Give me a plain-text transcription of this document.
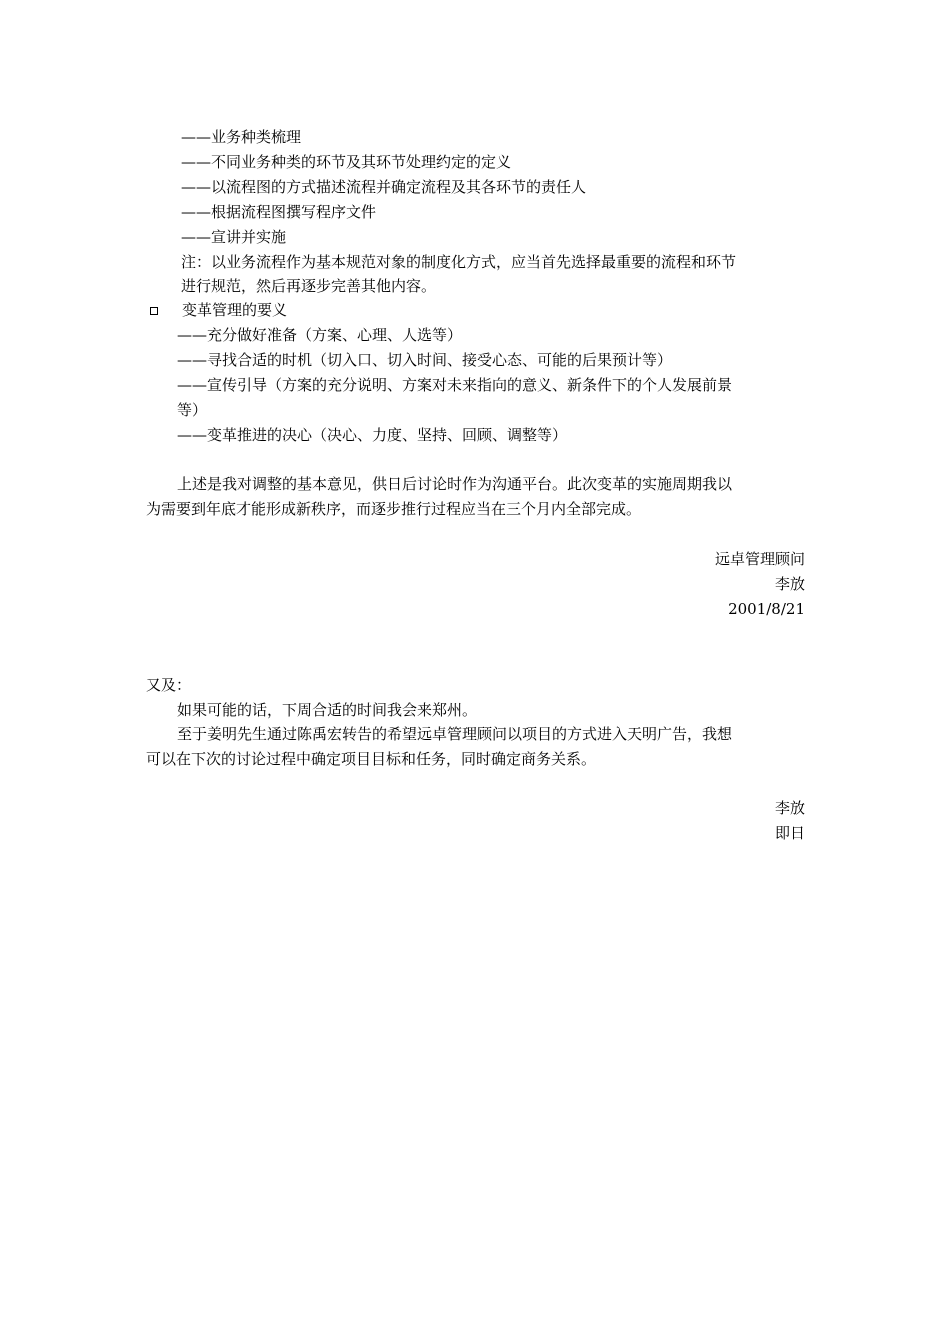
——业务种类梳理
——不同业务种类的环节及其环节处理约定的定义
——以流程图的方式描述流程并确定流程及其各环节的责任人
——根据流程图撰写程序文件
——宣讲并实施
注：以业务流程作为基本规范对象的制度化方式，应当首先选择最重要的流程和环节
进行规范，然后再逐步完善其他内容。
变革管理的要义
——充分做好准备（方案、心理、人选等）
——寻找合适的时机（切入口、切入时间、接受心态、可能的后果预计等）
——宣传引导（方案的充分说明、方案对未来指向的意义、新条件下的个人发展前景
等）
——变革推进的决心（决心、力度、坚持、回顾、调整等）
上述是我对调整的基本意见，供日后讨论时作为沟通平台。此次变革的实施周期我以
为需要到年底才能形成新秩序，而逐步推行过程应当在三个月内全部完成。
远卓管理顾问
李放
2001/8/21
又及：
如果可能的话，下周合适的时间我会来郑州。
至于姜明先生通过陈禹宏转告的希望远卓管理顾问以项目的方式进入天明广告，我想
可以在下次的讨论过程中确定项目目标和任务，同时确定商务关系。
李放
即日
